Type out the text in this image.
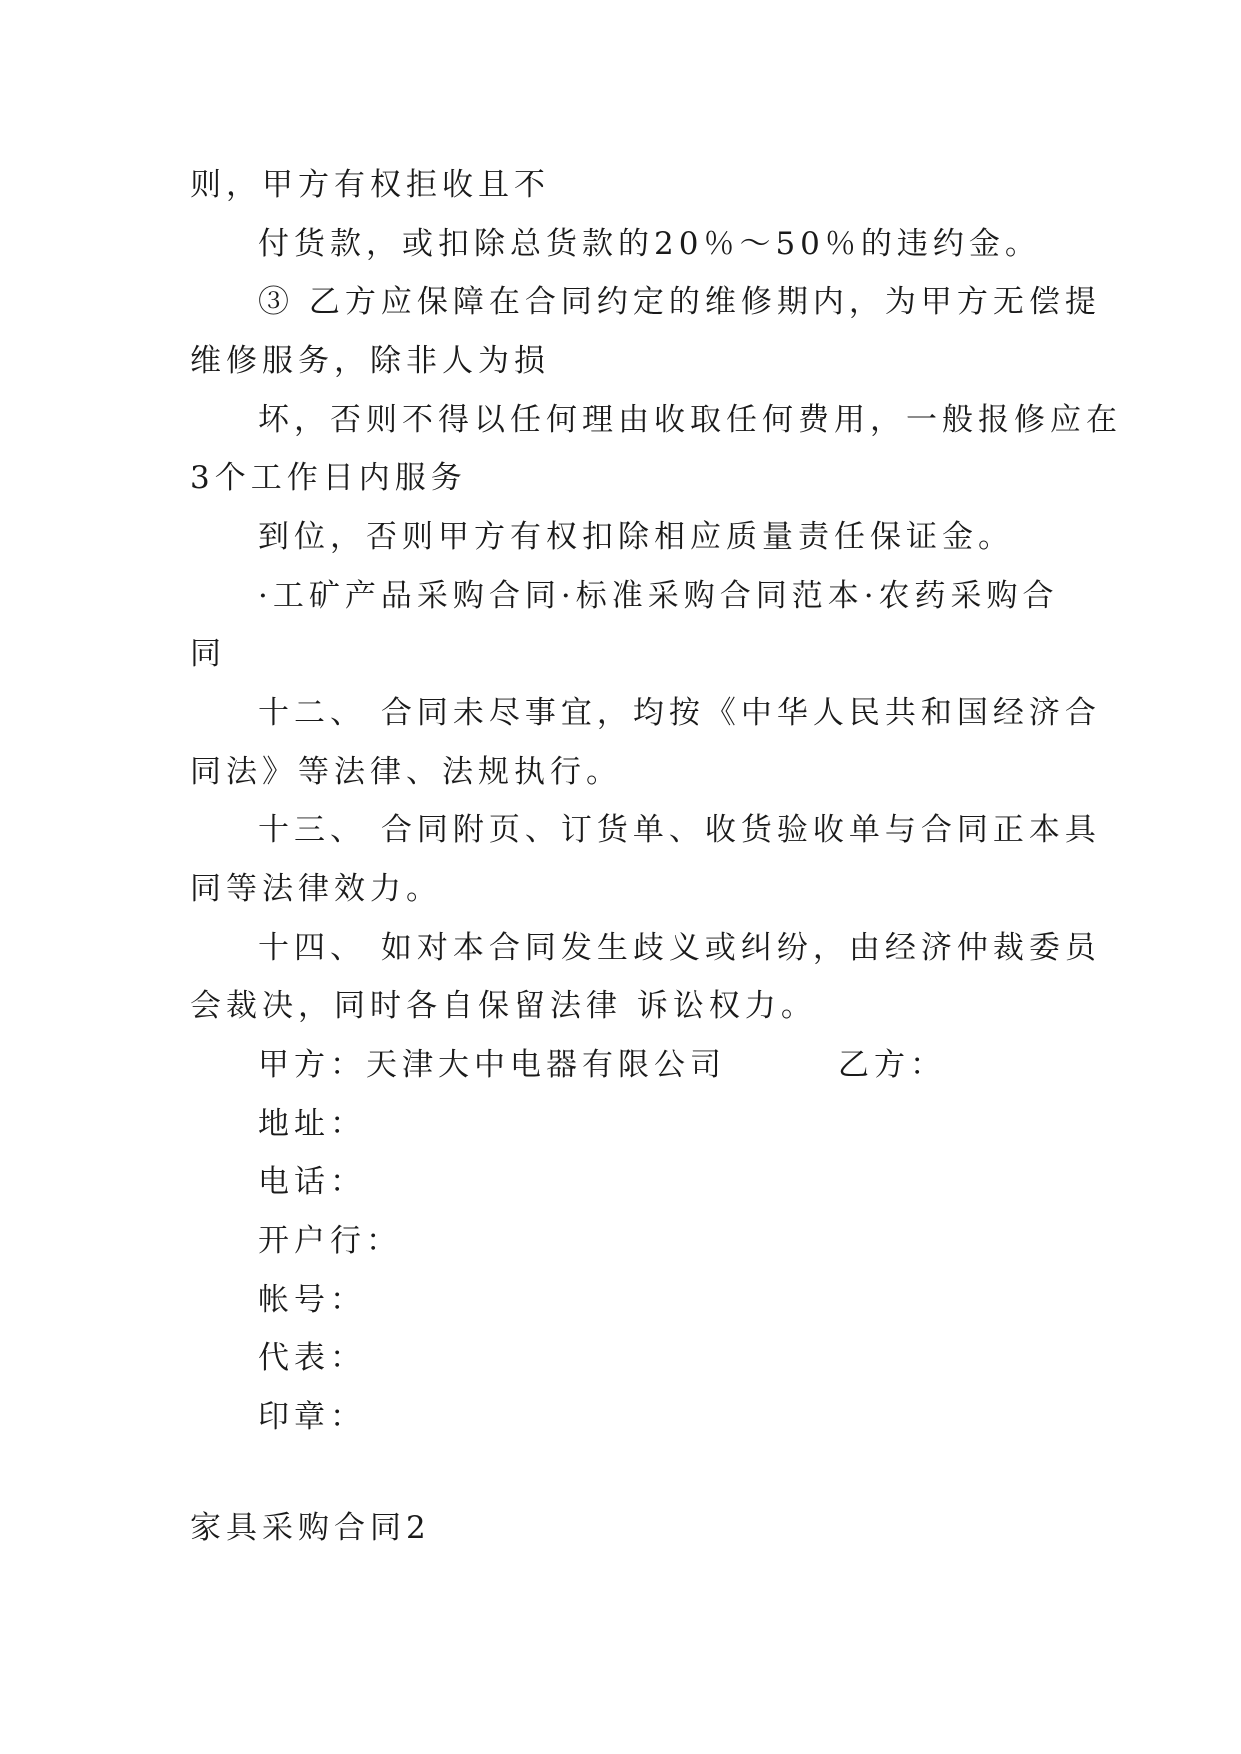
则，甲方有权拒收且不
付货款，或扣除总货款的20％～50％的违约金。
③ 乙方应保障在合同约定的维修期内，为甲方无偿提
维修服务，除非人为损
坏，否则不得以任何理由收取任何费用，一般报修应在
3个工作日内服务
到位，否则甲方有权扣除相应质量责任保证金。
·工矿产品采购合同·标准采购合同范本·农药采购合
同
十二、 合同未尽事宜，均按《中华人民共和国经济合
同法》等法律、法规执行。
十三、 合同附页、订货单、收货验收单与合同正本具
同等法律效力。
十四、 如对本合同发生歧义或纠纷，由经济仲裁委员
会裁决，同时各自保留法律 诉讼权力。
甲方：天津大中电器有限公司	乙方：
地址：
电话：
开户行：
帐号：
代表：
印章：
家具采购合同2
